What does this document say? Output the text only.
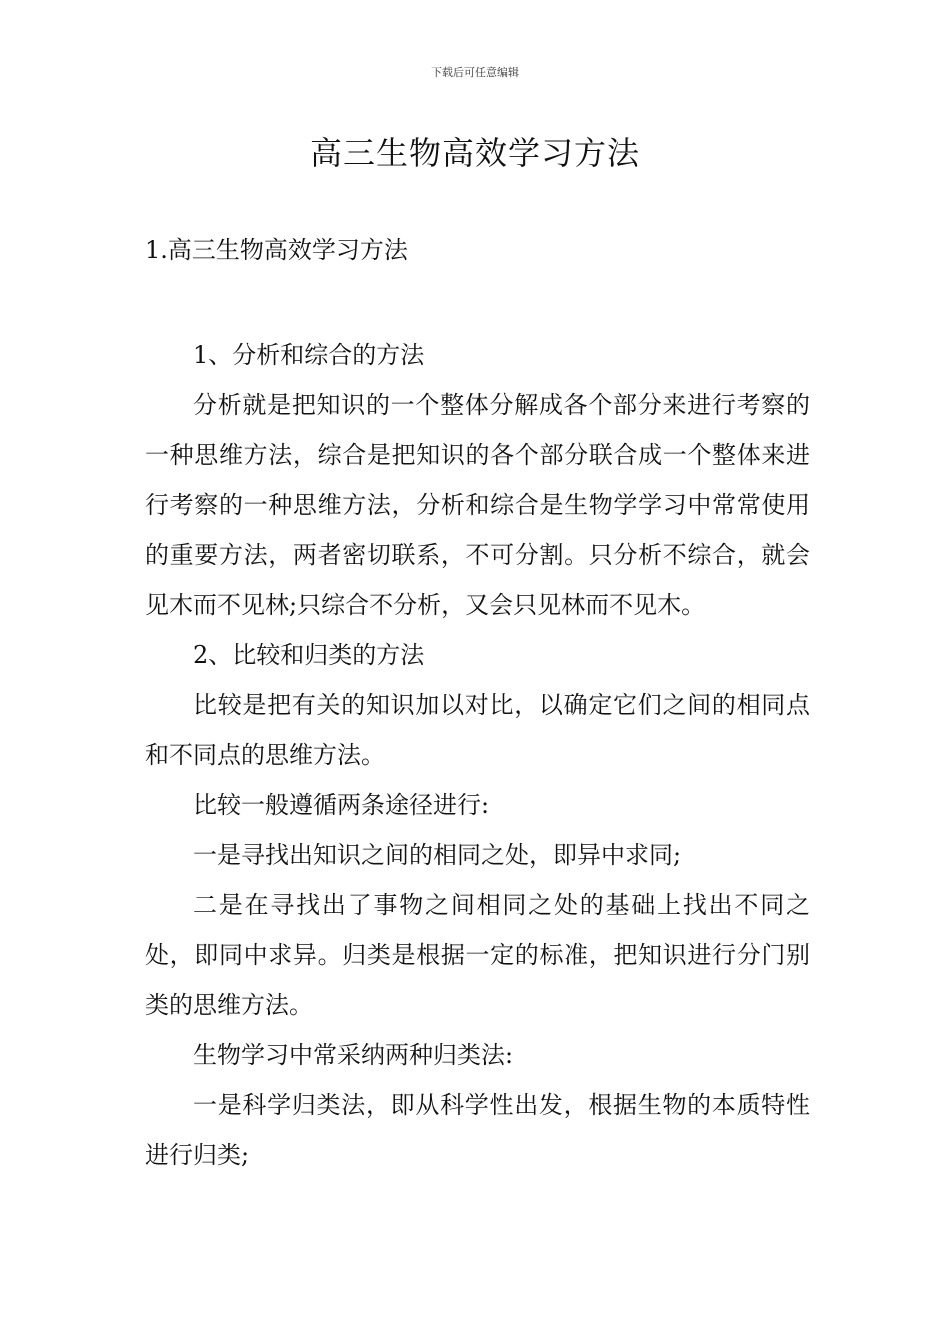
下载后可任意编辑
高三生物高效学习方法
1.高三生物高效学习方法

1、分析和综合的方法

分析就是把知识的一个整体分解成各个部分来进行考察的一种思维方法，综合是把知识的各个部分联合成一个整体来进行考察的一种思维方法，分析和综合是生物学学习中常常使用的重要方法，两者密切联系，不可分割。只分析不综合，就会见木而不见林;只综合不分析，又会只见林而不见木。

2、比较和归类的方法

比较是把有关的知识加以对比，以确定它们之间的相同点和不同点的思维方法。

比较一般遵循两条途径进行:

一是寻找出知识之间的相同之处，即异中求同;

二是在寻找出了事物之间相同之处的基础上找出不同之处，即同中求异。归类是根据一定的标准，把知识进行分门别类的思维方法。

生物学习中常采纳两种归类法:

一是科学归类法，即从科学性出发，根据生物的本质特性进行归类;
